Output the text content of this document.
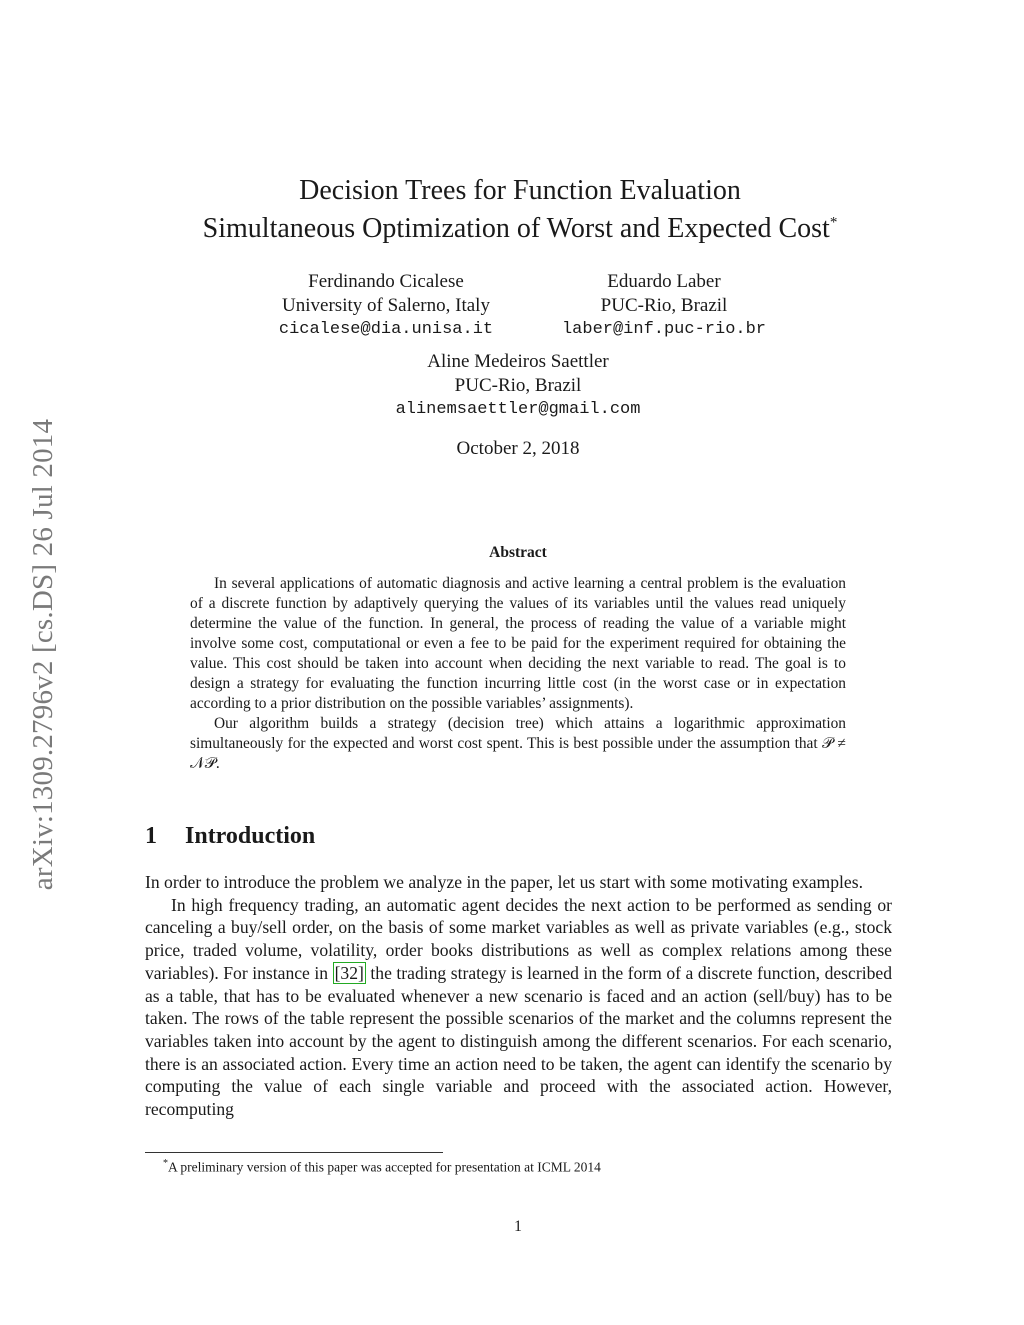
arXiv:1309.2796v2 [cs.DS] 26 Jul 2014
Decision Trees for Function Evaluation
Simultaneous Optimization of Worst and Expected Cost*
Ferdinando Cicalese
University of Salerno, Italy
cicalese@dia.unisa.it
Eduardo Laber
PUC-Rio, Brazil
laber@inf.puc-rio.br
Aline Medeiros Saettler
PUC-Rio, Brazil
alinemsaettler@gmail.com
October 2, 2018
Abstract

In several applications of automatic diagnosis and active learning a central problem is the evaluation of a discrete function by adaptively querying the values of its variables until the values read uniquely determine the value of the function. In general, the process of reading the value of a variable might involve some cost, computational or even a fee to be paid for the experiment required for obtaining the value. This cost should be taken into account when deciding the next variable to read. The goal is to design a strategy for evaluating the function incurring little cost (in the worst case or in expectation according to a prior distribution on the possible variables’ assignments).

Our algorithm builds a strategy (decision tree) which attains a logarithmic approximation simultaneously for the expected and worst cost spent. This is best possible under the assumption that 𝒫 ≠ 𝒩𝒫.

1 Introduction

In order to introduce the problem we analyze in the paper, let us start with some motivating examples.

In high frequency trading, an automatic agent decides the next action to be performed as sending or canceling a buy/sell order, on the basis of some market variables as well as private variables (e.g., stock price, traded volume, volatility, order books distributions as well as complex relations among these variables). For instance in [32] the trading strategy is learned in the form of a discrete function, described as a table, that has to be evaluated whenever a new scenario is faced and an action (sell/buy) has to be taken. The rows of the table represent the possible scenarios of the market and the columns represent the variables taken into account by the agent to distinguish among the different scenarios. For each scenario, there is an associated action. Every time an action need to be taken, the agent can identify the scenario by computing the value of each single variable and proceed with the associated action. However, recomputing

*A preliminary version of this paper was accepted for presentation at ICML 2014
1
